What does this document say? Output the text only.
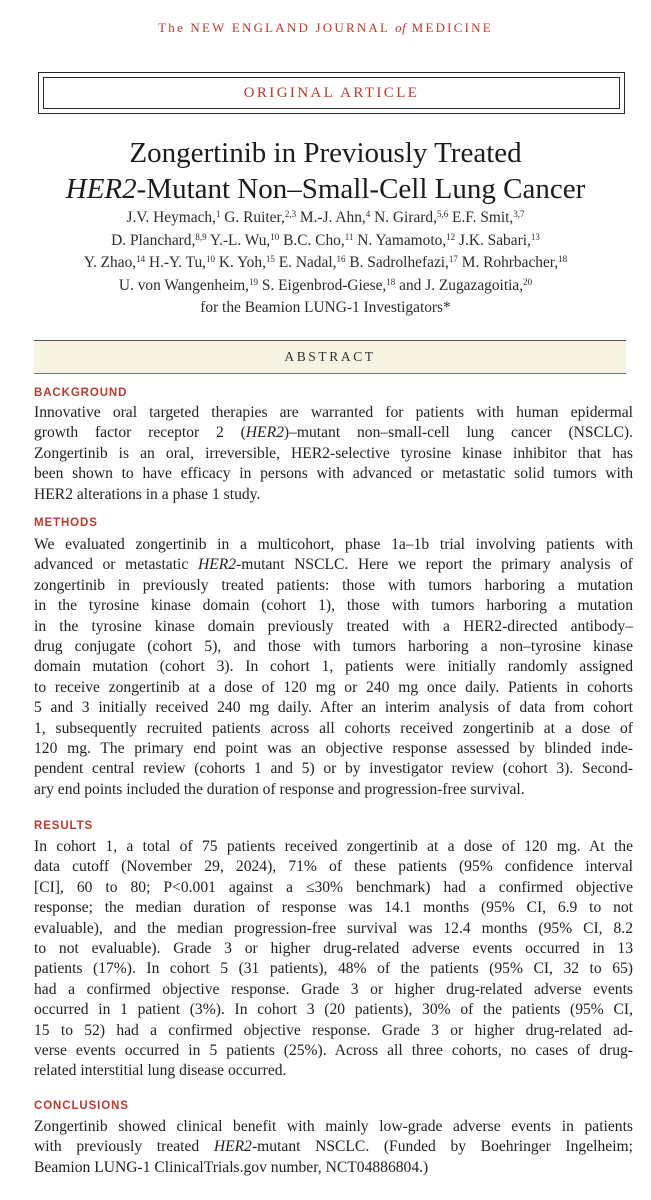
The NEW ENGLAND JOURNAL of MEDICINE
ORIGINAL ARTICLE
Zongertinib in Previously Treated
HER2-Mutant Non–Small-Cell Lung Cancer
J.V. Heymach,$^1$ G. Ruiter,$^{2,3}$ M.-J. Ahn,$^4$ N. Girard,$^{5,6}$ E.F. Smit,$^{3,7}$
D. Planchard,$^{8,9}$ Y.-L. Wu,$^{10}$ B.C. Cho,$^{11}$ N. Yamamoto,$^{12}$ J.K. Sabari,$^{13}$
Y. Zhao,$^{14}$ H.-Y. Tu,$^{10}$ K. Yoh,$^{15}$ E. Nadal,$^{16}$ B. Sadrolhefazi,$^{17}$ M. Rohrbacher,$^{18}$
U. von Wangenheim,$^{19}$ S. Eigenbrod-Giese,$^{18}$ and J. Zugazagoitia,$^{20}$
for the Beamion LUNG-1 Investigators*
ABSTRACT
BACKGROUND
Innovative oral targeted therapies are warranted for patients with human epidermal
growth factor receptor 2 (HER2)–mutant non–small-cell lung cancer (NSCLC).
Zongertinib is an oral, irreversible, HER2-selective tyrosine kinase inhibitor that has
been shown to have efficacy in persons with advanced or metastatic solid tumors with
HER2 alterations in a phase 1 study.
METHODS
We evaluated zongertinib in a multicohort, phase 1a–1b trial involving patients with
advanced or metastatic HER2-mutant NSCLC. Here we report the primary analysis of
zongertinib in previously treated patients: those with tumors harboring a mutation
in the tyrosine kinase domain (cohort 1), those with tumors harboring a mutation
in the tyrosine kinase domain previously treated with a HER2-directed antibody–
drug conjugate (cohort 5), and those with tumors harboring a non–tyrosine kinase
domain mutation (cohort 3). In cohort 1, patients were initially randomly assigned
to receive zongertinib at a dose of 120 mg or 240 mg once daily. Patients in cohorts
5 and 3 initially received 240 mg daily. After an interim analysis of data from cohort
1, subsequently recruited patients across all cohorts received zongertinib at a dose of
120 mg. The primary end point was an objective response assessed by blinded inde-
pendent central review (cohorts 1 and 5) or by investigator review (cohort 3). Second-
ary end points included the duration of response and progression-free survival.
RESULTS
In cohort 1, a total of 75 patients received zongertinib at a dose of 120 mg. At the
data cutoff (November 29, 2024), 71% of these patients (95% confidence interval
[CI], 60 to 80; P<0.001 against a ≤30% benchmark) had a confirmed objective
response; the median duration of response was 14.1 months (95% CI, 6.9 to not
evaluable), and the median progression-free survival was 12.4 months (95% CI, 8.2
to not evaluable). Grade 3 or higher drug-related adverse events occurred in 13
patients (17%). In cohort 5 (31 patients), 48% of the patients (95% CI, 32 to 65)
had a confirmed objective response. Grade 3 or higher drug-related adverse events
occurred in 1 patient (3%). In cohort 3 (20 patients), 30% of the patients (95% CI,
15 to 52) had a confirmed objective response. Grade 3 or higher drug-related ad-
verse events occurred in 5 patients (25%). Across all three cohorts, no cases of drug-
related interstitial lung disease occurred.
CONCLUSIONS
Zongertinib showed clinical benefit with mainly low-grade adverse events in patients
with previously treated HER2-mutant NSCLC. (Funded by Boehringer Ingelheim;
Beamion LUNG-1 ClinicalTrials.gov number, NCT04886804.)
